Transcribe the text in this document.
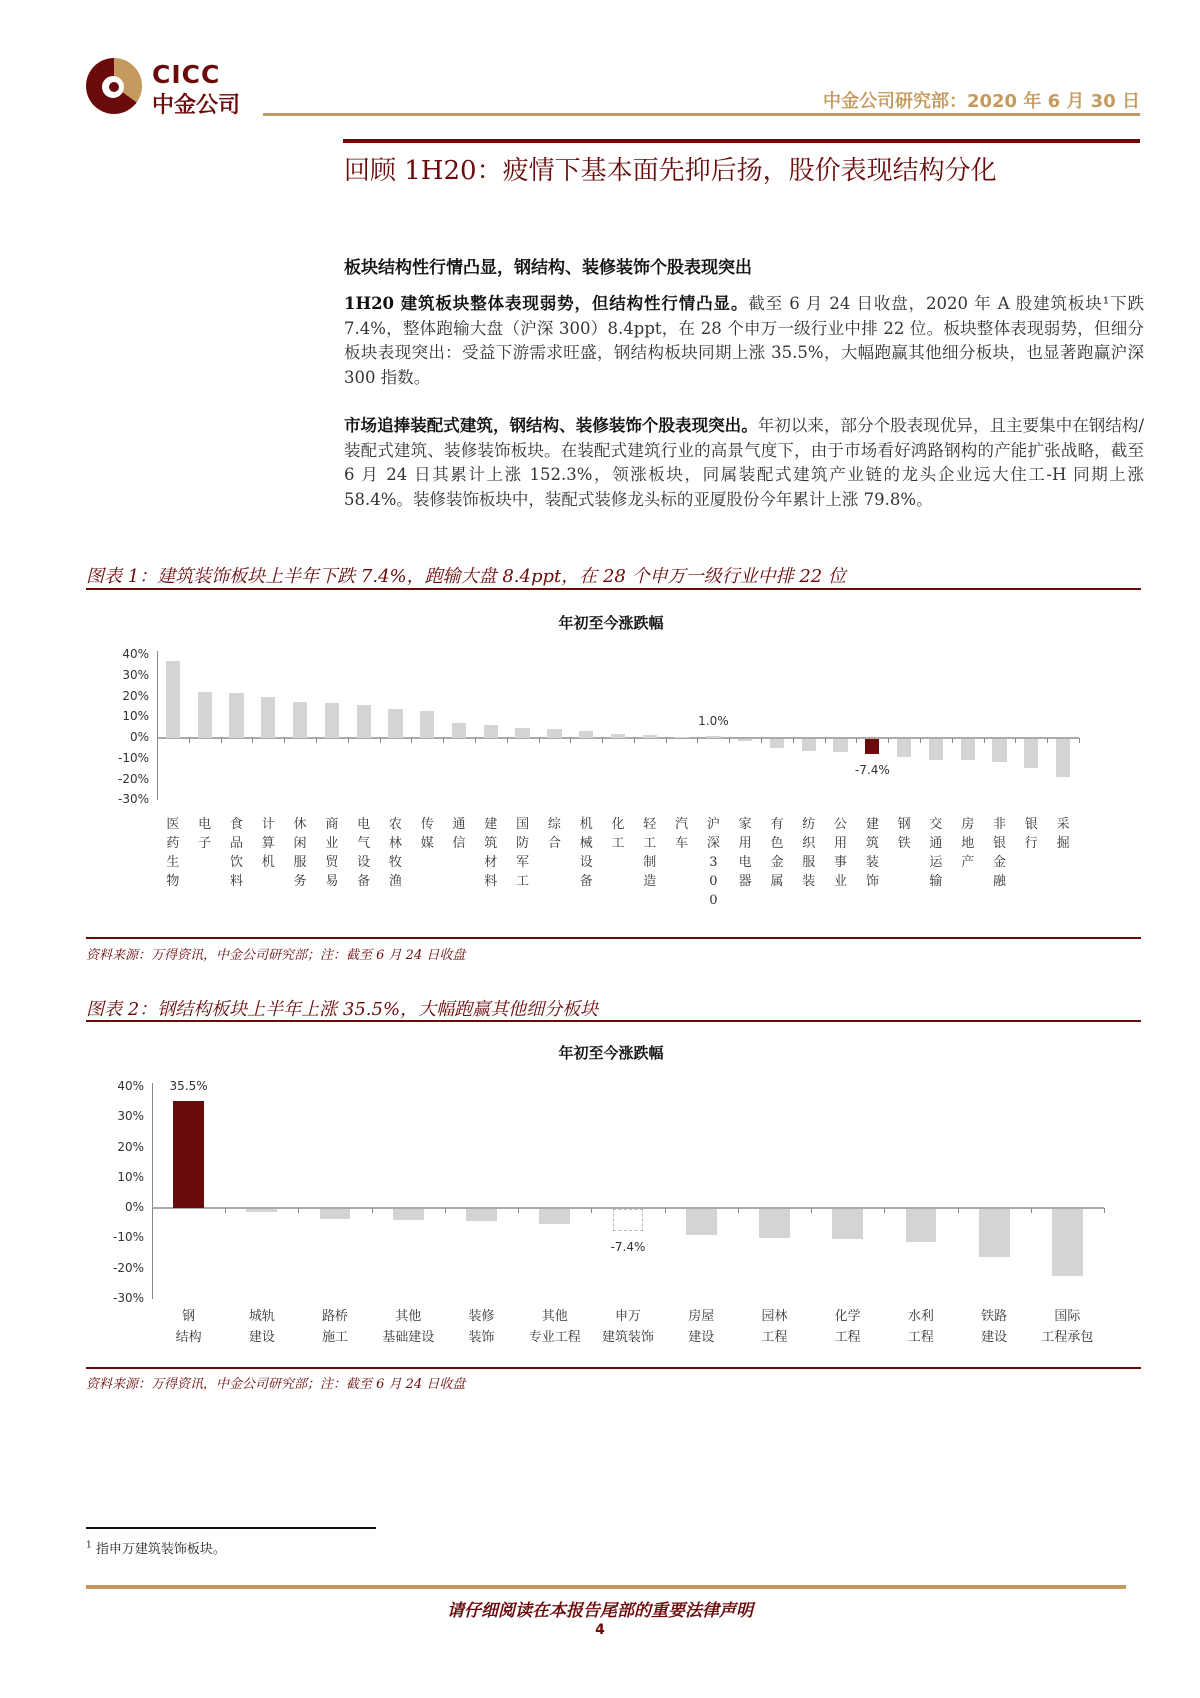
CICC
中金公司	中金公司研究部：2020 年 6 月 30 日
回顾 1H20：疲情下基本面先抑后扬，股价表现结构分化
板块结构性行情凸显，钢结构、装修装饰个股表现突出
1H20 建筑板块整体表现弱势，但结构性行情凸显。截至 6 月 24 日收盘，2020 年 A 股建筑板块¹下跌 7.4%，整体跑输大盘（沪深 300）8.4ppt，在 28 个申万一级行业中排 22 位。板块整体表现弱势，但细分板块表现突出：受益下游需求旺盛，钢结构板块同期上涨 35.5%，大幅跑赢其他细分板块，也显著跑赢沪深 300 指数。
市场追捧装配式建筑，钢结构、装修装饰个股表现突出。年初以来，部分个股表现优异，且主要集中在钢结构/装配式建筑、装修装饰板块。在装配式建筑行业的高景气度下，由于市场看好鸿路钢构的产能扩张战略，截至 6 月 24 日其累计上涨 152.3%，领涨板块，同属装配式建筑产业链的龙头企业远大住工-H 同期上涨 58.4%。装修装饰板块中，装配式装修龙头标的亚厦股份今年累计上涨 79.8%。
图表 1：建筑装饰板块上半年下跌 7.4%，跑输大盘 8.4ppt，在 28 个申万一级行业中排 22 位
年初至今涨跌幅
资料来源：万得资讯，中金公司研究部；注：截至 6 月 24 日收盘
图表 2：钢结构板块上半年上涨 35.5%，大幅跑赢其他细分板块
年初至今涨跌幅
资料来源：万得资讯，中金公司研究部；注：截至 6 月 24 日收盘
$^1$ 指申万建筑装饰板块。
请仔细阅读在本报告尾部的重要法律声明
4
40%
30%
20%
10%
0%
-10%
-20%
-30%
医药生物
电子
食品饮料
计算机
休闲服务
商业贸易
电气设备
农林牧渔
传媒
通信
建筑材料
国防军工
综合
机械设备
化工
轻工制造
汽车
1.0%
沪深300
家用电器
有色金属
纺织服装
公用事业
-7.4%
建筑装饰
钢铁
交通运输
房地产
非银金融
银行
采掘
40%
30%
20%
10%
0%
-10%
-20%
-30%
35.5%
钢
结构
城轨
建设
路桥
施工
其他
基础建设
装修
装饰
其他
专业工程
-7.4%
申万
建筑装饰
房屋
建设
园林
工程
化学
工程
水利
工程
铁路
建设
国际
工程承包
